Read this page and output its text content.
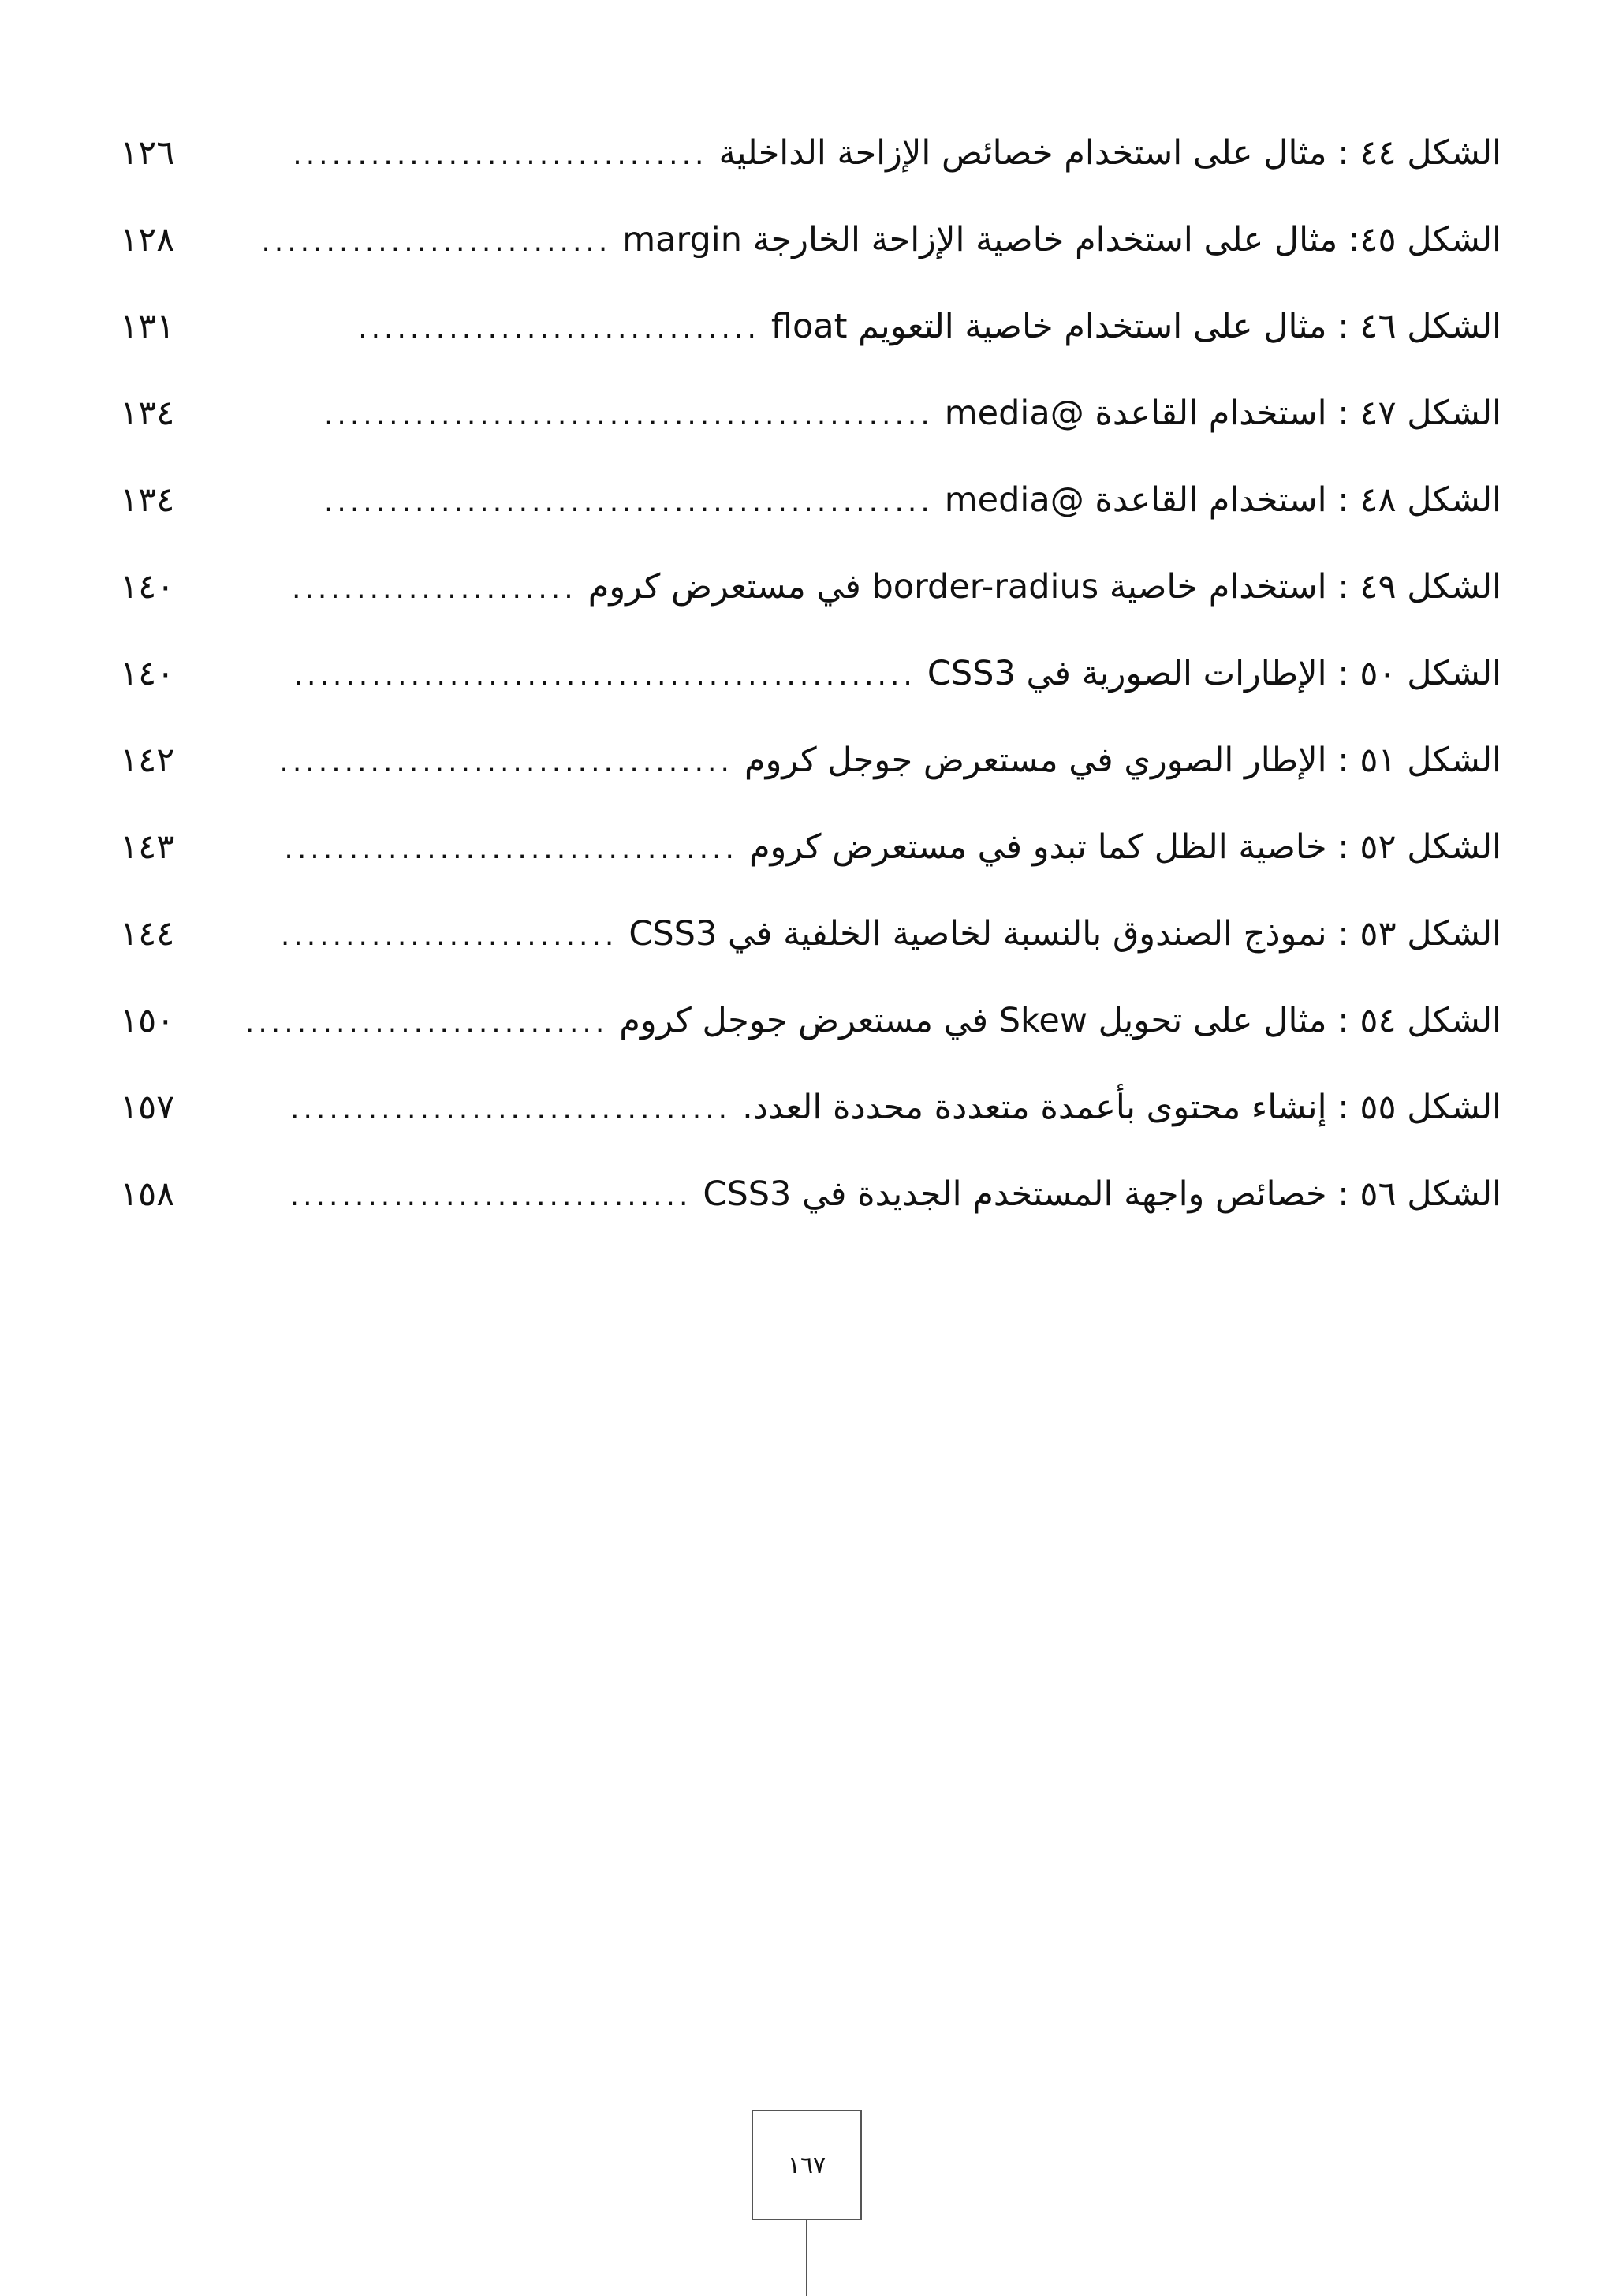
الشكل ٤٤ : مثال على استخدام خصائص الإزاحة الداخلية
................................
١٢٦
الشكل ٤٥: مثال على استخدام خاصية الإزاحة الخارجة margin
...........................
١٢٨
الشكل ٤٦ : مثال على استخدام خاصية التعويم float
...............................
١٣١
الشكل ٤٧ : استخدام القاعدة @media
...............................................
١٣٤
الشكل ٤٨ : استخدام القاعدة @media
...............................................
١٣٤
الشكل ٤٩ : استخدام خاصية border-radius في مستعرض كروم
......................
١٤٠
الشكل ٥٠ : الإطارات الصورية في CSS3
................................................
١٤٠
الشكل ٥١ : الإطار الصوري في مستعرض جوجل كروم
...................................
١٤٢
الشكل ٥٢ : خاصية الظل كما تبدو في مستعرض كروم
...................................
١٤٣
الشكل ٥٣ : نموذج الصندوق بالنسبة لخاصية الخلفية في CSS3
..........................
١٤٤
الشكل ٥٤ : مثال على تحويل Skew في مستعرض جوجل كروم
............................
١٥٠
الشكل ٥٥ : إنشاء محتوى بأعمدة متعددة محددة العدد.
..................................
١٥٧
الشكل ٥٦ : خصائص واجهة المستخدم الجديدة في CSS3
...............................
١٥٨
١٦٧
